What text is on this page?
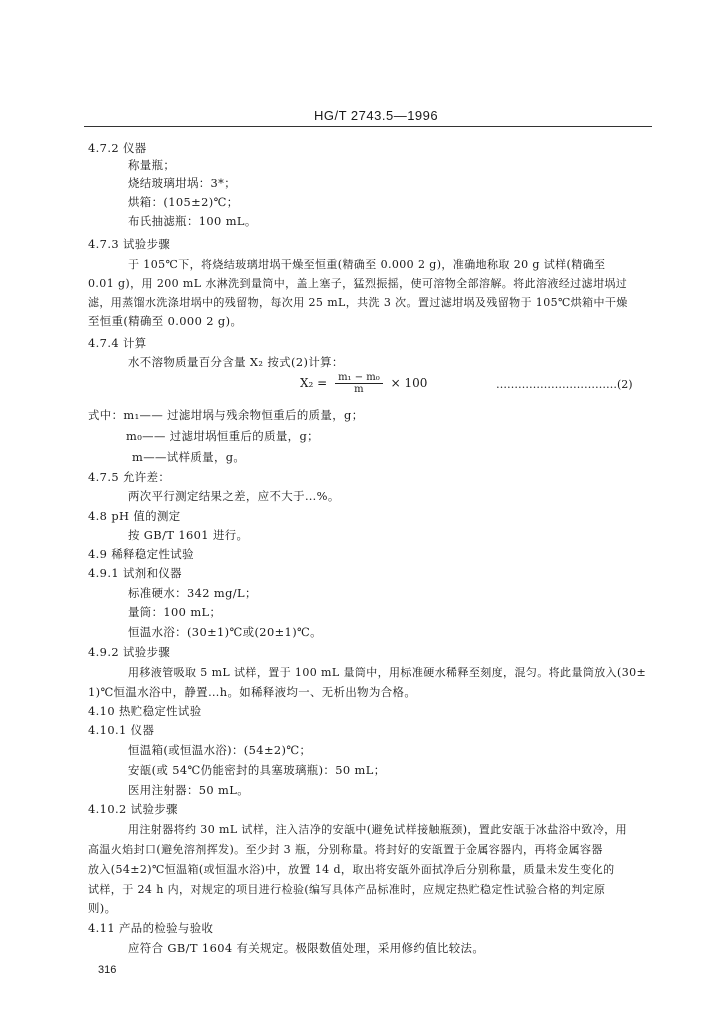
HG/T 2743.5—1996
4.7.2 仪器
称量瓶；
烧结玻璃坩埚：3*；
烘箱：(105±2)℃；
布氏抽滤瓶：100 mL。
4.7.3 试验步骤
于 105℃下，将烧结玻璃坩埚干燥至恒重(精确至 0.000 2 g)，准确地称取 20 g 试样(精确至
0.01 g)，用 200 mL 水淋洗到量筒中，盖上塞子，猛烈振摇，使可溶物全部溶解。将此溶液经过滤坩埚过
滤，用蒸馏水洗涤坩埚中的残留物，每次用 25 mL，共洗 3 次。置过滤坩埚及残留物于 105℃烘箱中干燥
至恒重(精确至 0.000 2 g)。
4.7.4 计算
水不溶物质量百分含量 X₂ 按式(2)计算：
$X_2 = \frac{\text{m₁ − m₀}}{m} \times 100$	……………………………(2)
式中：m₁—— 过滤坩埚与残余物恒重后的质量，g；
m₀—— 过滤坩埚恒重后的质量，g；
m——试样质量，g。
4.7.5 允许差：
两次平行测定结果之差，应不大于…%。
4.8 pH 值的测定
按 GB/T 1601 进行。
4.9 稀释稳定性试验
4.9.1 试剂和仪器
标准硬水：342 mg/L；
量筒：100 mL；
恒温水浴：(30±1)℃或(20±1)℃。
4.9.2 试验步骤
用移液管吸取 5 mL 试样，置于 100 mL 量筒中，用标准硬水稀释至刻度，混匀。将此量筒放入(30±
1)℃恒温水浴中，静置…h。如稀释液均一、无析出物为合格。
4.10 热贮稳定性试验
4.10.1 仪器
恒温箱(或恒温水浴)：(54±2)℃；
安瓿(或 54℃仍能密封的具塞玻璃瓶)：50 mL；
医用注射器：50 mL。
4.10.2 试验步骤
用注射器将约 30 mL 试样，注入洁净的安瓿中(避免试样接触瓶颈)，置此安瓿于冰盐浴中致冷，用
高温火焰封口(避免溶剂挥发)。至少封 3 瓶，分别称量。将封好的安瓿置于金属容器内，再将金属容器
放入(54±2)℃恒温箱(或恒温水浴)中，放置 14 d，取出将安瓿外面拭净后分别称量，质量未发生变化的
试样，于 24 h 内，对规定的项目进行检验(编写具体产品标准时，应规定热贮稳定性试验合格的判定原
则)。
4.11 产品的检验与验收
应符合 GB/T 1604 有关规定。极限数值处理，采用修约值比较法。
316
